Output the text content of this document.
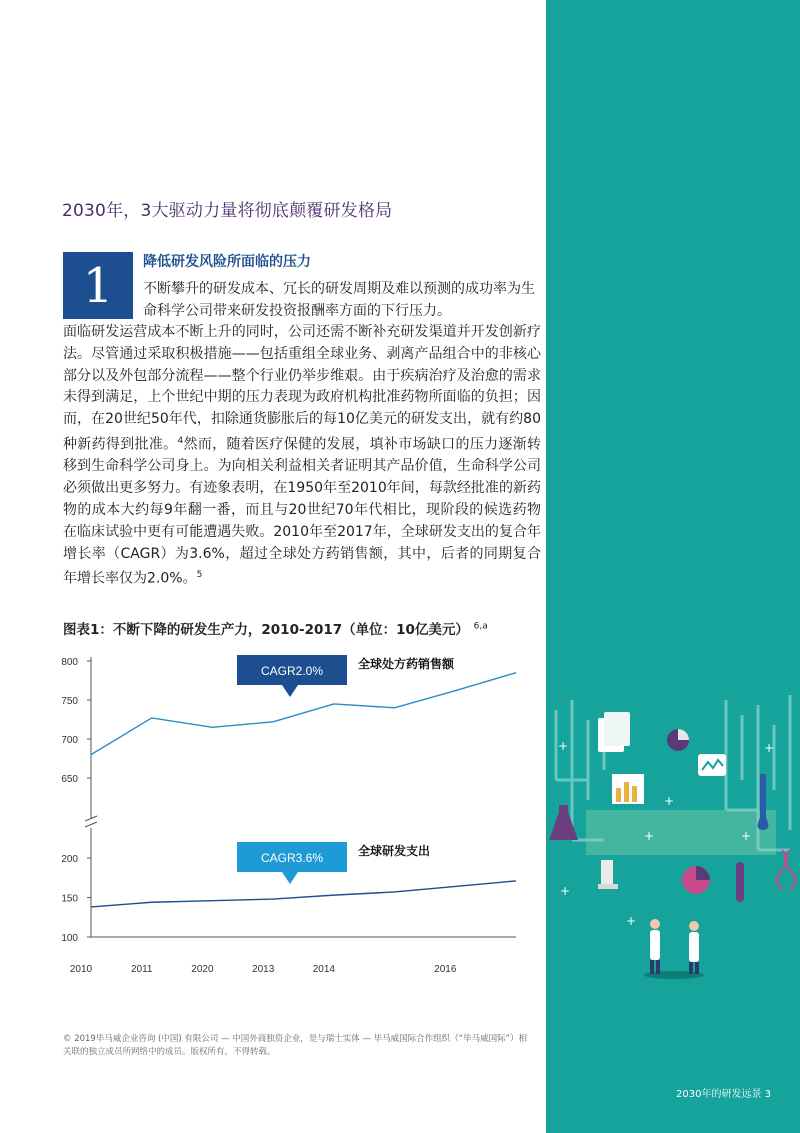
+
+	+
+
+
+
+
2030年，3大驱动力量将彻底颠覆研发格局
1	降低研发风险所面临的压力
不断攀升的研发成本、冗长的研发周期及难以预测的成功率为生命科学公司带来研发投资报酬率方面的下行压力。
面临研发运营成本不断上升的同时，公司还需不断补充研发渠道并开发创新疗法。尽管通过采取积极措施——包括重组全球业务、剥离产品组合中的非核心部分以及外包部分流程——整个行业仍举步维艰。由于疾病治疗及治愈的需求未得到满足，上个世纪中期的压力表现为政府机构批准药物所面临的负担；因而，在20世纪50年代，扣除通货膨胀后的每10亿美元的研发支出，就有约80种新药得到批准。$^4$然而，随着医疗保健的发展，填补市场缺口的压力逐渐转移到生命科学公司身上。为向相关利益相关者证明其产品价值，生命科学公司必须做出更多努力。有迹象表明，在1950年至2010年间，每款经批准的新药物的成本大约每9年翻一番，而且与20世纪70年代相比，现阶段的候选药物在临床试验中更有可能遭遇失败。2010年至2017年，全球研发支出的复合年增长率（CAGR）为3.6%，超过全球处方药销售额，其中，后者的同期复合年增长率仅为2.0%。$^5$
图表1：不断下降的研发生产力，2010-2017（单位：10亿美元） $^{6,a}$
800
750
700
650
CAGR2.0%	全球处方药销售额
200
150
100
CAGR3.6%	全球研发支出
2010	2011	2020	2013	2014	2016
© 2019毕马威企业咨询 (中国) 有限公司 — 中国外商独资企业，是与瑞士实体 — 毕马威国际合作组织（“毕马威国际”）相关联的独立成员所网络中的成员。版权所有，不得转载。
2030年的研发远景 3
